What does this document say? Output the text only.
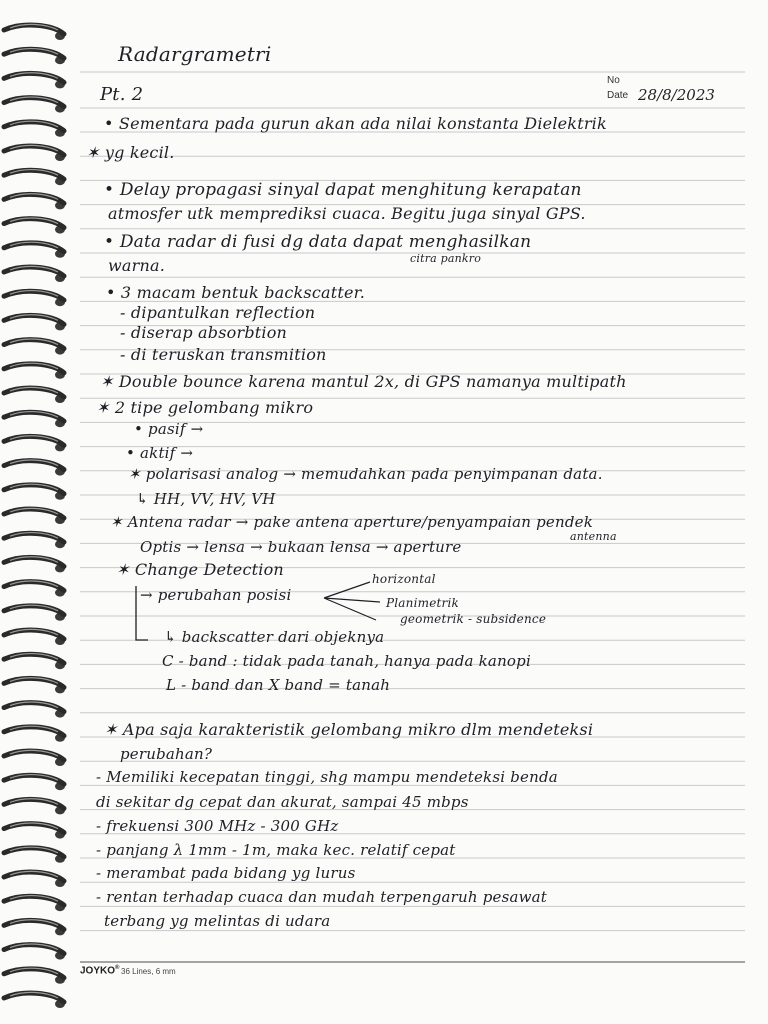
Radargrametri
No
Date 28/8/2023
Pt. 2
• Sementara pada gurun akan ada nilai konstanta Dielektrik
✶ yg kecil.
• Delay propagasi sinyal dapat menghitung kerapatan
atmosfer utk memprediksi cuaca. Begitu juga sinyal GPS.
• Data radar di fusi dg data dapat menghasilkan
citra pankro
warna.
• 3 macam bentuk backscatter.
- dipantulkan reflection
- diserap absorbtion
- di teruskan transmition
✶ Double bounce karena mantul 2x, di GPS namanya multipath
✶ 2 tipe gelombang mikro
• pasif →
• aktif →
✶ polarisasi analog → memudahkan pada penyimpanan data.
↳ HH, VV, HV, VH
✶ Antena radar → pake antena aperture/penyampaian pendek
antenna
Optis → lensa → bukaan lensa → aperture
✶ Change Detection
→ perubahan posisi
horizontal
Planimetrik
geometrik - subsidence
↳ backscatter dari objeknya
C - band : tidak pada tanah, hanya pada kanopi
L - band dan X band = tanah
✶ Apa saja karakteristik gelombang mikro dlm mendeteksi
perubahan?
- Memiliki kecepatan tinggi, shg mampu mendeteksi benda
di sekitar dg cepat dan akurat, sampai 45 mbps
- frekuensi 300 MHz - 300 GHz
- panjang λ 1mm - 1m, maka kec. relatif cepat
- merambat pada bidang yg lurus
- rentan terhadap cuaca dan mudah terpengaruh pesawat
terbang yg melintas di udara
JOYKO® 36 Lines, 6 mm
